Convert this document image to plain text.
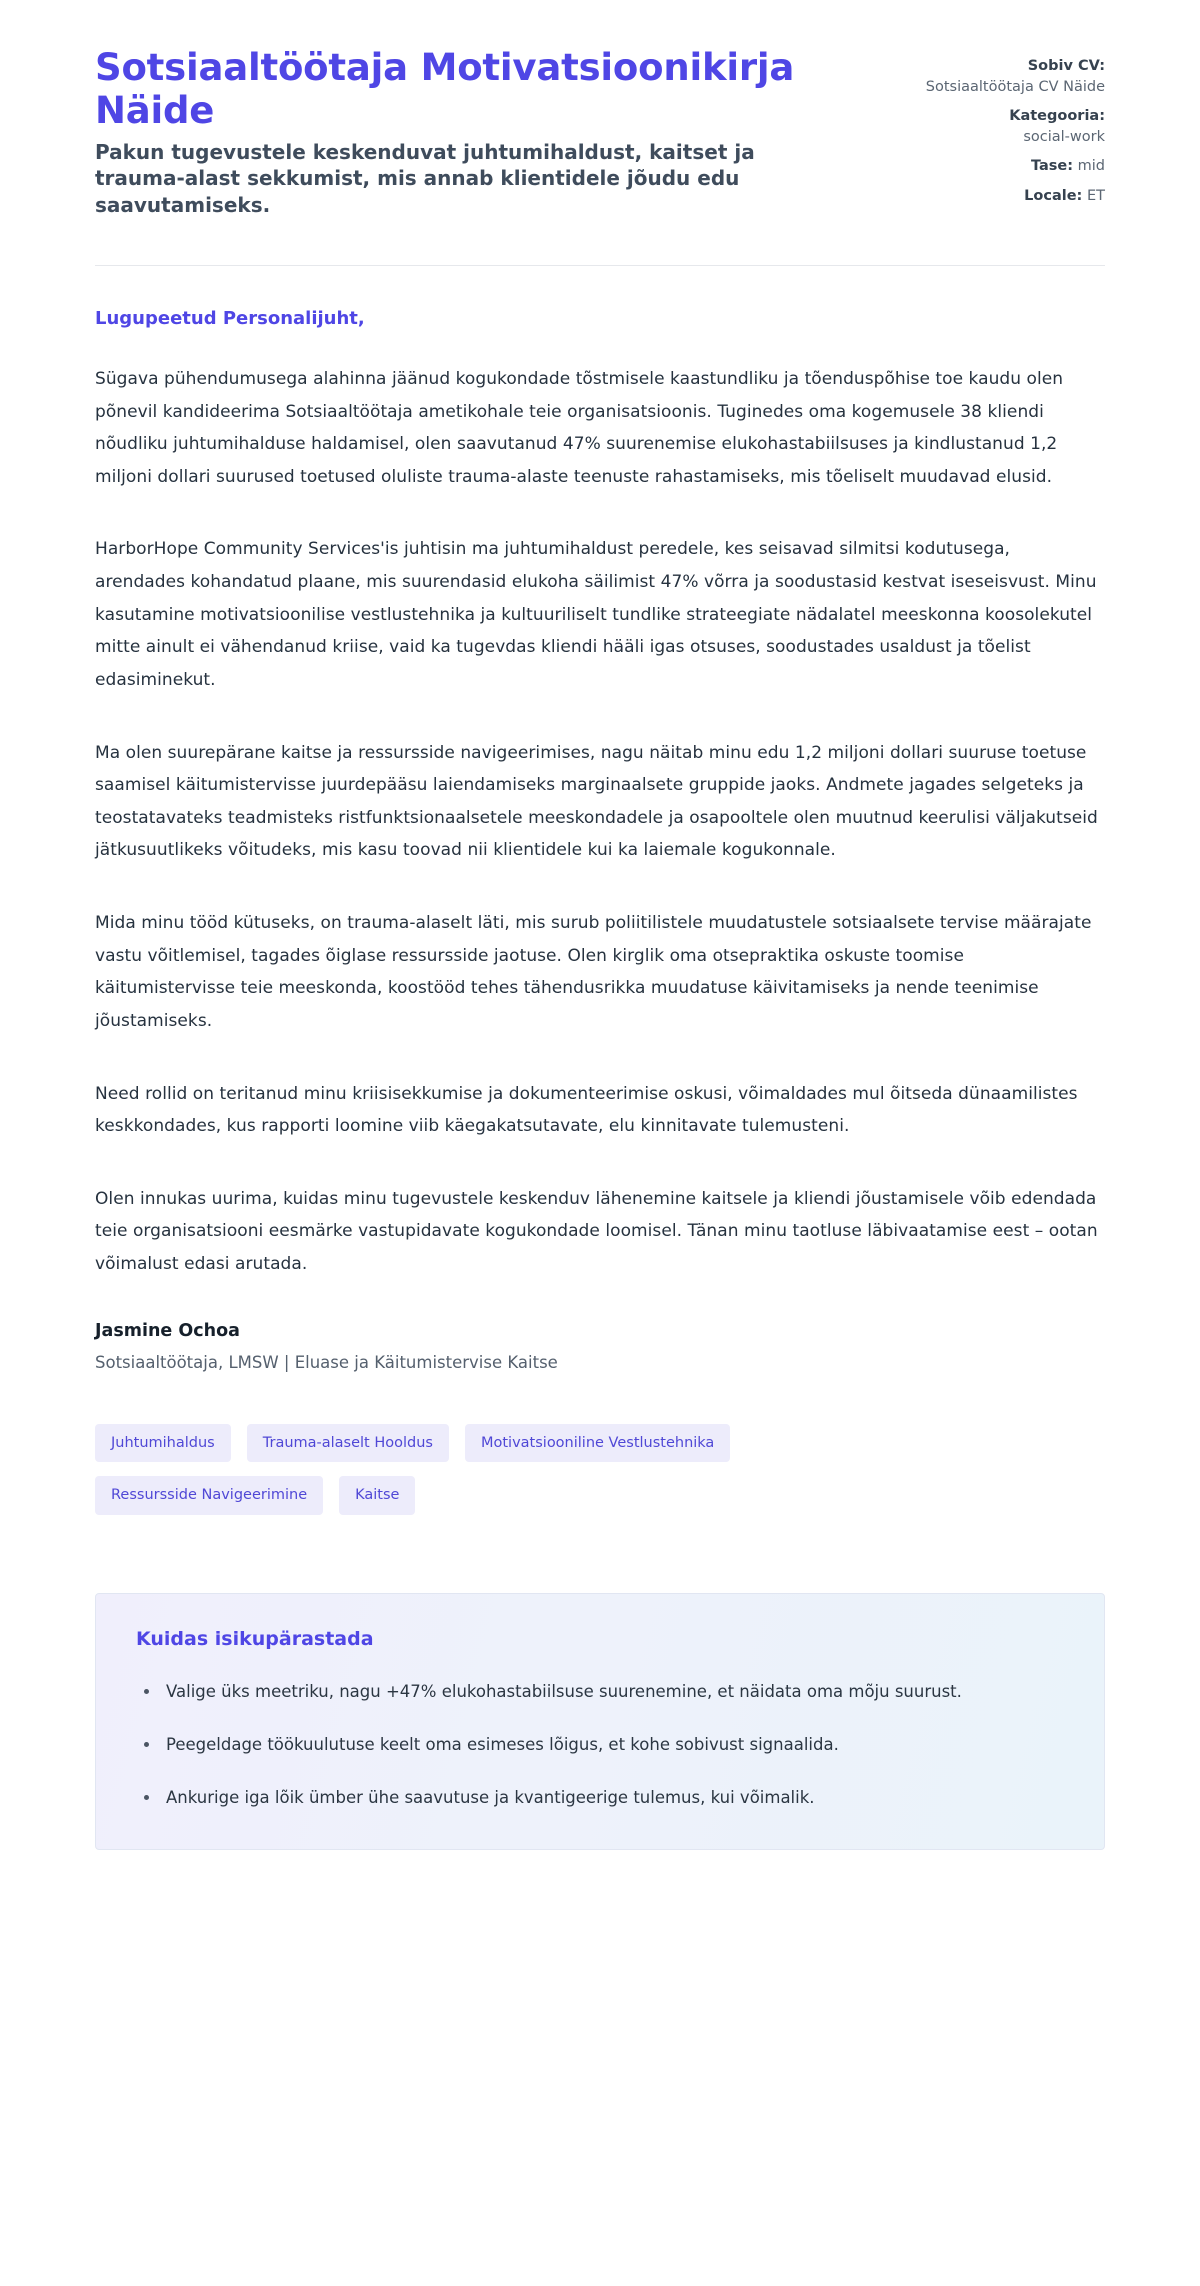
Sotsiaaltöötaja Motivatsioonikirja Näide

Pakun tugevustele keskenduvat juhtumihaldust, kaitset ja trauma-alast sekkumist, mis annab klientidele jõudu edu saavutamiseks.

Sobiv CV:
Sotsiaaltöötaja CV Näide
Kategooria:
social-work
Tase: mid
Locale: ET

Lugupeetud Personalijuht,

Sügava pühendumusega alahinna jäänud kogukondade tõstmisele kaastundliku ja tõenduspõhise toe kaudu olen põnevil kandideerima Sotsiaaltöötaja ametikohale teie organisatsioonis. Tuginedes oma kogemusele 38 kliendi nõudliku juhtumihalduse haldamisel, olen saavutanud 47% suurenemise elukohastabiilsuses ja kindlustanud 1,2 miljoni dollari suurused toetused oluliste trauma-alaste teenuste rahastamiseks, mis tõeliselt muudavad elusid.

HarborHope Community Services'is juhtisin ma juhtumihaldust peredele, kes seisavad silmitsi kodutusega, arendades kohandatud plaane, mis suurendasid elukoha säilimist 47% võrra ja soodustasid kestvat iseseisvust. Minu kasutamine motivatsioonilise vestlustehnika ja kultuuriliselt tundlike strateegiate nädalatel meeskonna koosolekutel mitte ainult ei vähendanud kriise, vaid ka tugevdas kliendi hääli igas otsuses, soodustades usaldust ja tõelist edasiminekut.

Ma olen suurepärane kaitse ja ressursside navigeerimises, nagu näitab minu edu 1,2 miljoni dollari suuruse toetuse saamisel käitumistervisse juurdepääsu laiendamiseks marginaalsete gruppide jaoks. Andmete jagades selgeteks ja teostatavateks teadmisteks ristfunktsionaalsetele meeskondadele ja osapooltele olen muutnud keerulisi väljakutseid jätkusuutlikeks võitudeks, mis kasu toovad nii klientidele kui ka laiemale kogukonnale.

Mida minu tööd kütuseks, on trauma-alaselt läti, mis surub poliitilistele muudatustele sotsiaalsete tervise määrajate vastu võitlemisel, tagades õiglase ressursside jaotuse. Olen kirglik oma otsepraktika oskuste toomise käitumistervisse teie meeskonda, koostööd tehes tähendusrikka muudatuse käivitamiseks ja nende teenimise jõustamiseks.

Need rollid on teritanud minu kriisisekkumise ja dokumenteerimise oskusi, võimaldades mul õitseda dünaamilistes keskkondades, kus rapporti loomine viib käegakatsutavate, elu kinnitavate tulemusteni.

Olen innukas uurima, kuidas minu tugevustele keskenduv lähenemine kaitsele ja kliendi jõustamisele võib edendada teie organisatsiooni eesmärke vastupidavate kogukondade loomisel. Tänan minu taotluse läbivaatamise eest – ootan võimalust edasi arutada.

Jasmine Ochoa

Sotsiaaltöötaja, LMSW | Eluase ja Käitumistervise Kaitse

Juhtumihaldus	Trauma-alaselt Hooldus	Motivatsiooniline Vestlustehnika
Ressursside Navigeerimine	Kaitse
Kuidas isikupärastada
Valige üks meetriku, nagu +47% elukohastabiilsuse suurenemine, et näidata oma mõju suurust.
Peegeldage töökuulutuse keelt oma esimeses lõigus, et kohe sobivust signaalida.
Ankurige iga lõik ümber ühe saavutuse ja kvantigeerige tulemus, kui võimalik.
